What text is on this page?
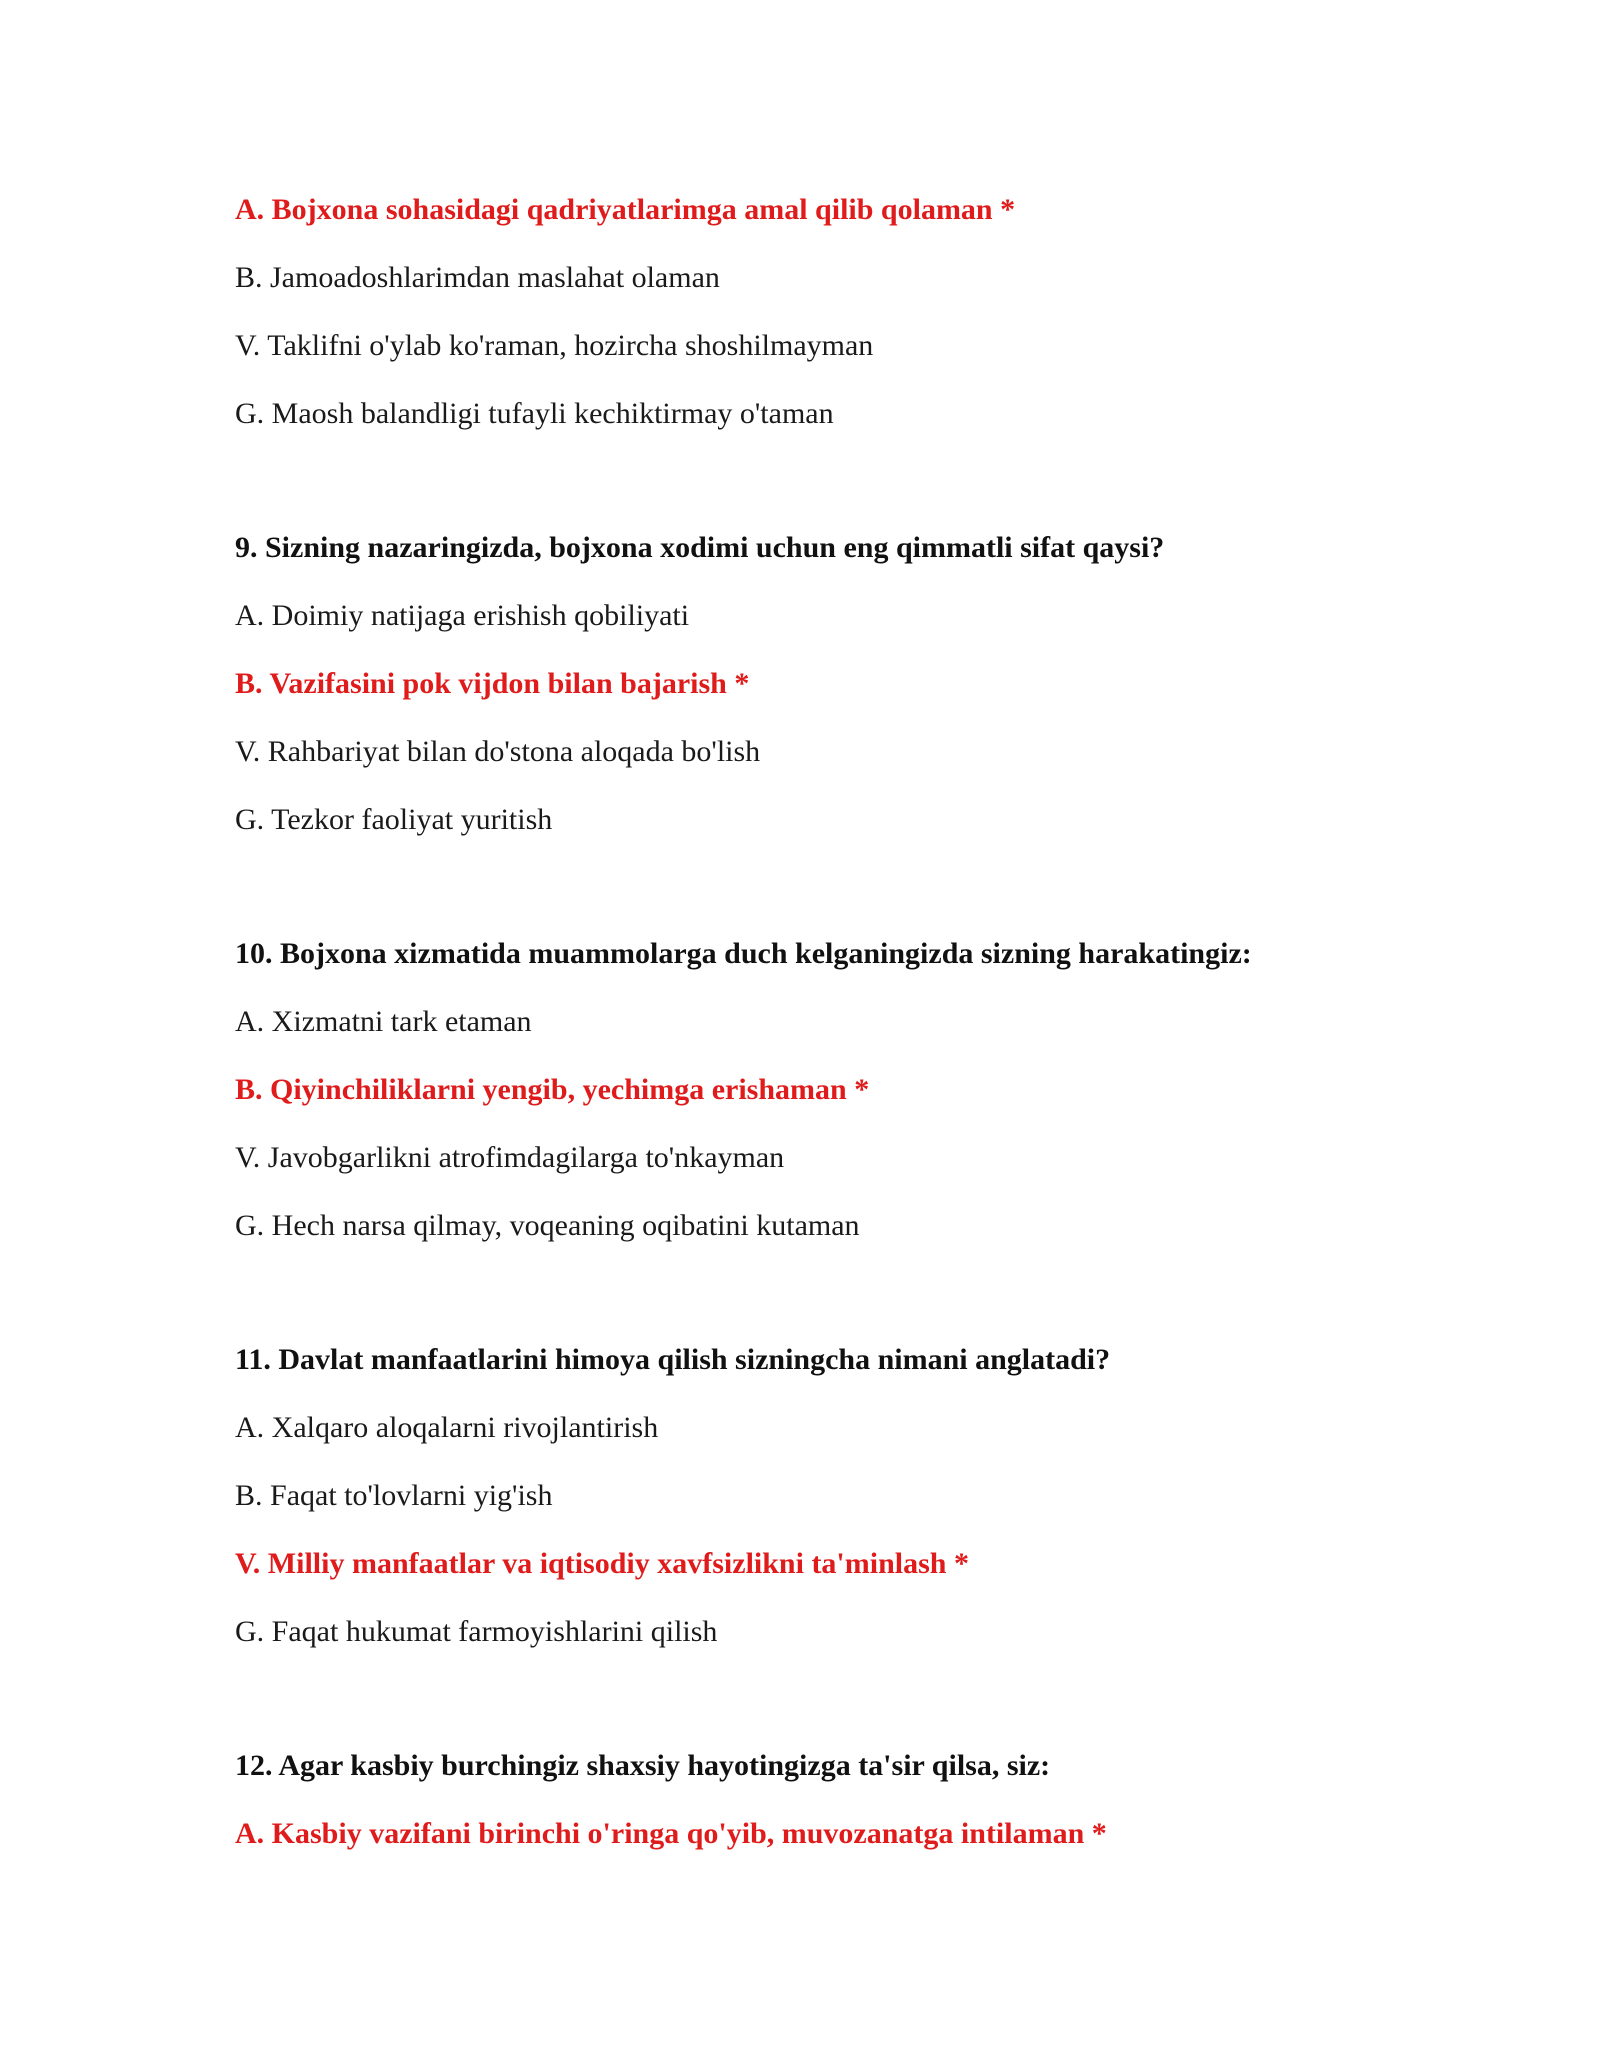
A. Bojxona sohasidagi qadriyatlarimga amal qilib qolaman *
B. Jamoadoshlarimdan maslahat olaman
V. Taklifni o'ylab ko'raman, hozircha shoshilmayman
G. Maosh balandligi tufayli kechiktirmay o'taman
9. Sizning nazaringizda, bojxona xodimi uchun eng qimmatli sifat qaysi?
A. Doimiy natijaga erishish qobiliyati
B. Vazifasini pok vijdon bilan bajarish *
V. Rahbariyat bilan do'stona aloqada bo'lish
G. Tezkor faoliyat yuritish
10. Bojxona xizmatida muammolarga duch kelganingizda sizning harakatingiz:
A. Xizmatni tark etaman
B. Qiyinchiliklarni yengib, yechimga erishaman *
V. Javobgarlikni atrofimdagilarga to'nkayman
G. Hech narsa qilmay, voqeaning oqibatini kutaman
11. Davlat manfaatlarini himoya qilish sizningcha nimani anglatadi?
A. Xalqaro aloqalarni rivojlantirish
B. Faqat to'lovlarni yig'ish
V. Milliy manfaatlar va iqtisodiy xavfsizlikni ta'minlash *
G. Faqat hukumat farmoyishlarini qilish
12. Agar kasbiy burchingiz shaxsiy hayotingizga ta'sir qilsa, siz:
A. Kasbiy vazifani birinchi o'ringa qo'yib, muvozanatga intilaman *
